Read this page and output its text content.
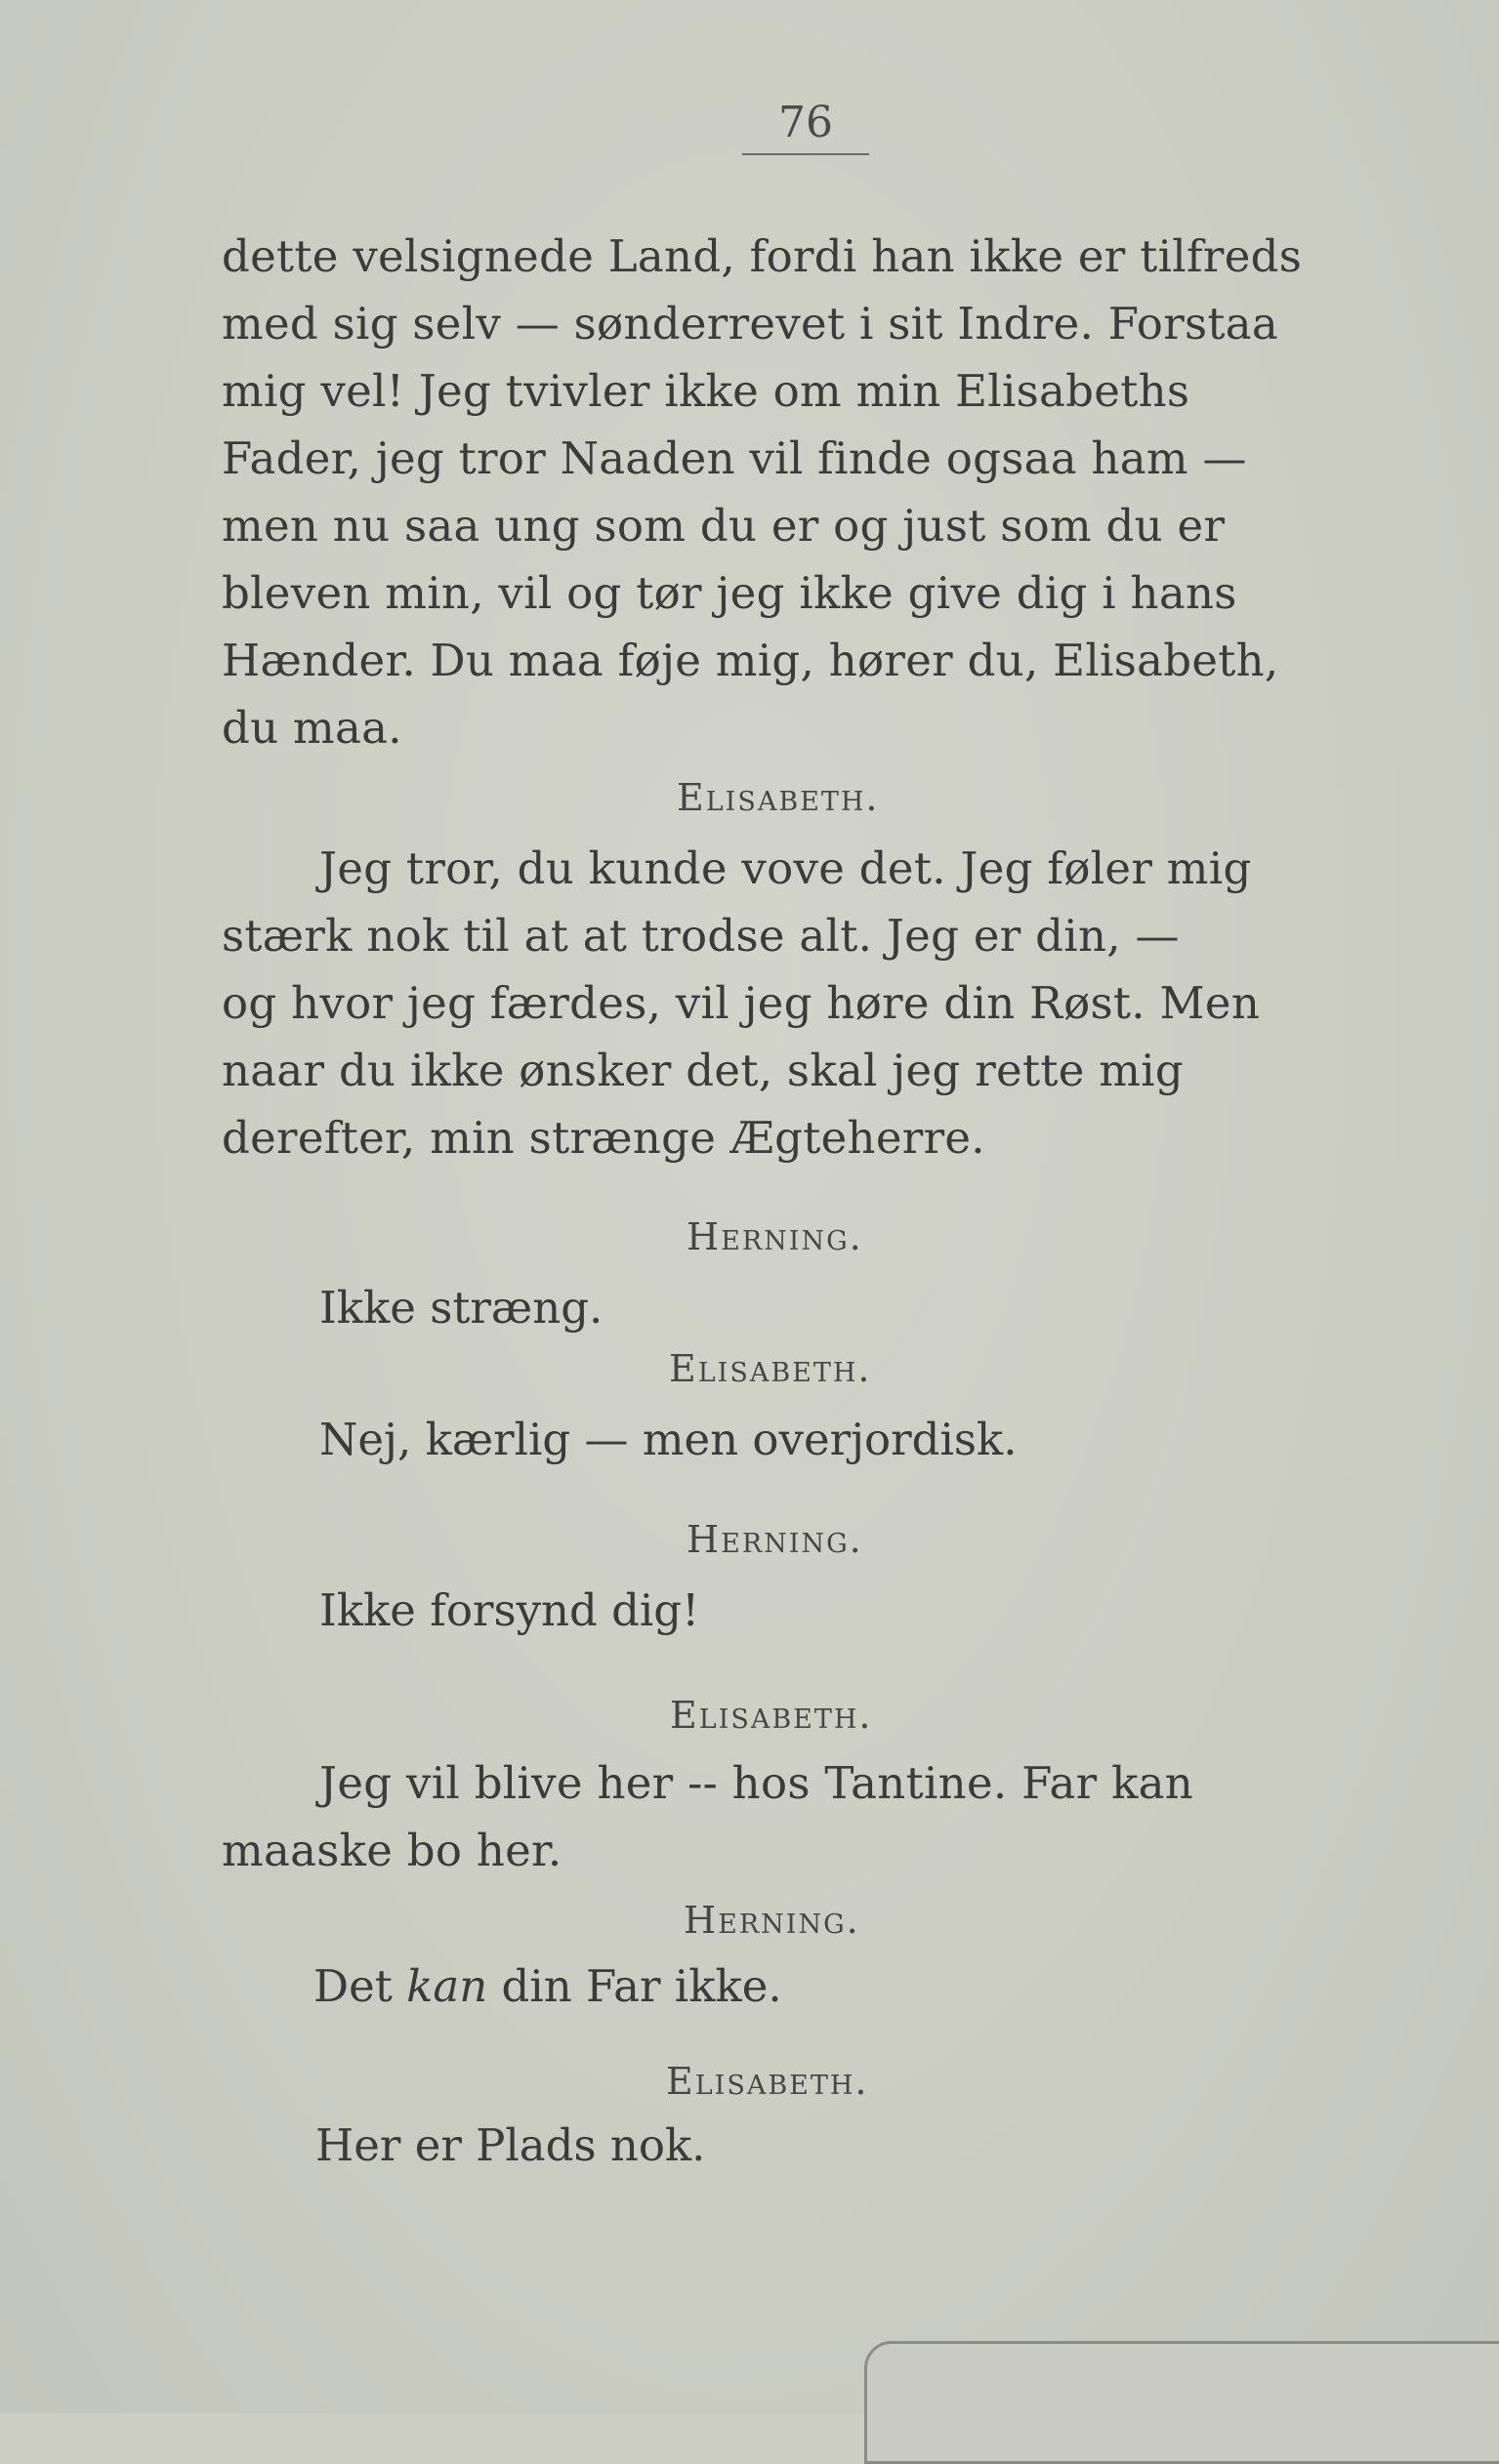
76
dette velsignede Land, fordi han ikke er tilfreds
med sig selv — sønderrevet i sit Indre. Forstaa
mig vel! Jeg tvivler ikke om min Elisabeths
Fader, jeg tror Naaden vil finde ogsaa ham —
men nu saa ung som du er og just som du er
bleven min, vil og tør jeg ikke give dig i hans
Hænder. Du maa føje mig, hører du, Elisabeth,
du maa.
Elisabeth.
Jeg tror, du kunde vove det. Jeg føler mig
stærk nok til at at trodse alt. Jeg er din, —
og hvor jeg færdes, vil jeg høre din Røst. Men
naar du ikke ønsker det, skal jeg rette mig
derefter, min strænge Ægteherre.
Herning.
Ikke stræng.
Elisabeth.
Nej, kærlig — men overjordisk.
Herning.
Ikke forsynd dig!
Elisabeth.
Jeg vil blive her -- hos Tantine. Far kan
maaske bo her.
Herning.
Det kan din Far ikke.
Elisabeth.
Her er Plads nok.
